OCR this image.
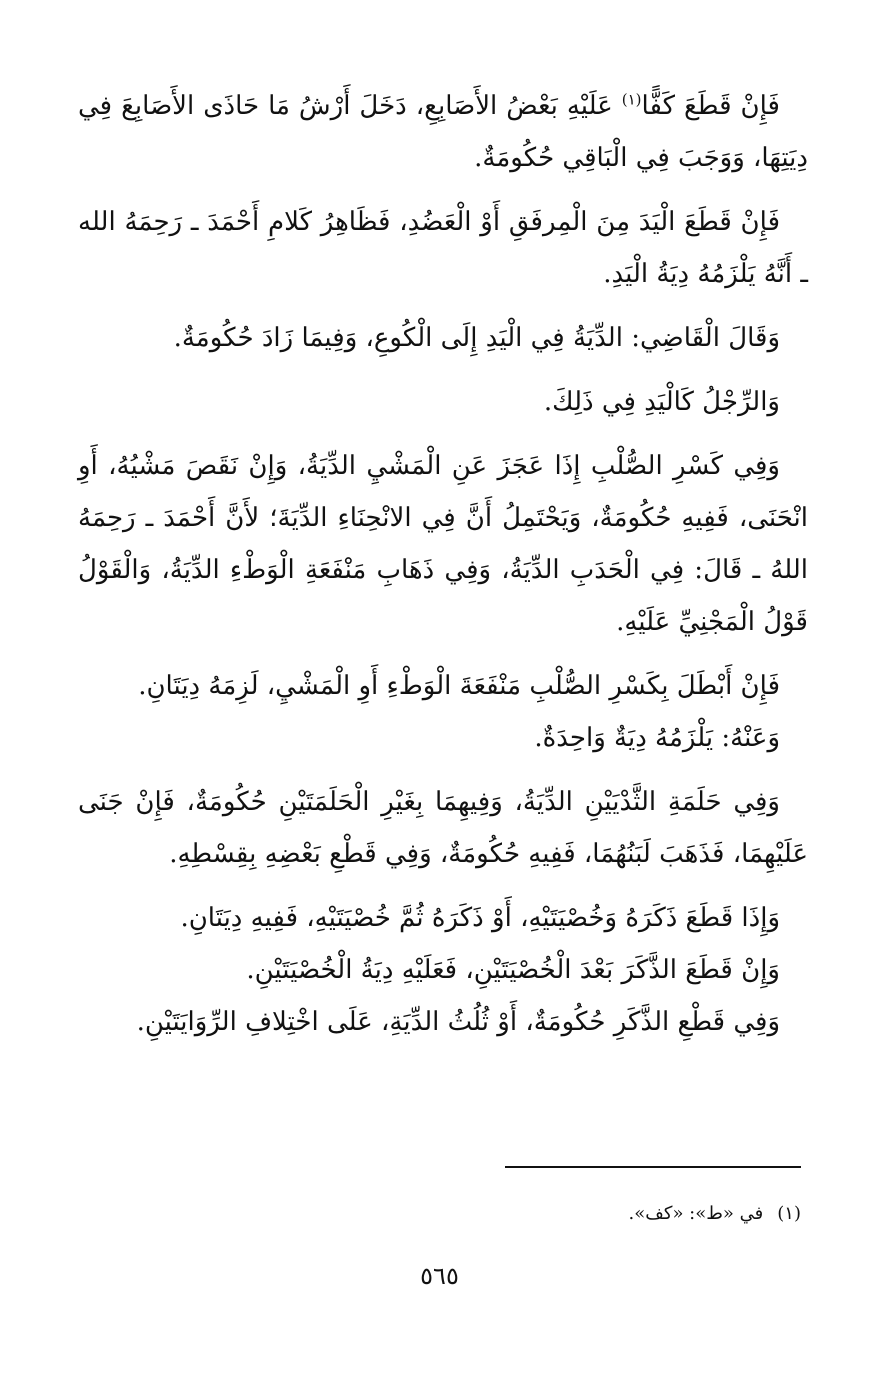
فَإِنْ قَطَعَ كَفًّا$^{(١)}$ عَلَيْهِ بَعْضُ الأَصَابِعِ، دَخَلَ أَرْشُ مَا حَاذَى الأَصَابِعَ فِي دِيَتِهَا، وَوَجَبَ فِي الْبَاقِي حُكُومَةٌ.

فَإِنْ قَطَعَ الْيَدَ مِنَ الْمِرفَقِ أَوْ الْعَضُدِ، فَظَاهِرُ كَلامِ أَحْمَدَ ـ رَحِمَهُ الله ـ أَنَّهُ يَلْزَمُهُ دِيَةُ الْيَدِ.

وَقَالَ الْقَاضِي: الدِّيَةُ فِي الْيَدِ إِلَى الْكُوعِ، وَفِيمَا زَادَ حُكُومَةٌ.

وَالرِّجْلُ كَالْيَدِ فِي ذَلِكَ.

وَفِي كَسْرِ الصُّلْبِ إِذَا عَجَزَ عَنِ الْمَشْيِ الدِّيَةُ، وَإِنْ نَقَصَ مَشْيُهُ، أَوِ انْحَنَى، فَفِيهِ حُكُومَةٌ، وَيَحْتَمِلُ أَنَّ فِي الانْحِنَاءِ الدِّيَةَ؛ لأَنَّ أَحْمَدَ ـ رَحِمَهُ اللهُ ـ قَالَ: فِي الْحَدَبِ الدِّيَةُ، وَفِي ذَهَابِ مَنْفَعَةِ الْوَطْءِ الدِّيَةُ، وَالْقَوْلُ قَوْلُ الْمَجْنِيِّ عَلَيْهِ.

فَإِنْ أَبْطَلَ بِكَسْرِ الصُّلْبِ مَنْفَعَةَ الْوَطْءِ أَوِ الْمَشْيِ، لَزِمَهُ دِيَتَانِ.

وَعَنْهُ: يَلْزَمُهُ دِيَةٌ وَاحِدَةٌ.

وَفِي حَلَمَةِ الثَّدْيَيْنِ الدِّيَةُ، وَفِيهِمَا بِغَيْرِ الْحَلَمَتَيْنِ حُكُومَةٌ، فَإِنْ جَنَى عَلَيْهِمَا، فَذَهَبَ لَبَنُهُمَا، فَفِيهِ حُكُومَةٌ، وَفِي قَطْعِ بَعْضِهِ بِقِسْطِهِ.

وَإِذَا قَطَعَ ذَكَرَهُ وَخُصْيَتَيْهِ، أَوْ ذَكَرَهُ ثُمَّ خُصْيَتَيْهِ، فَفِيهِ دِيَتَانِ.

وَإِنْ قَطَعَ الذَّكَرَ بَعْدَ الْخُصْيَتَيْنِ، فَعَلَيْهِ دِيَةُ الْخُصْيَتَيْنِ.

وَفِي قَطْعِ الذَّكَرِ حُكُومَةٌ، أَوْ ثُلُثُ الدِّيَةِ، عَلَى اخْتِلافِ الرِّوَايَتَيْنِ.

(١)في «ط»: «كف».
٥٦٥
